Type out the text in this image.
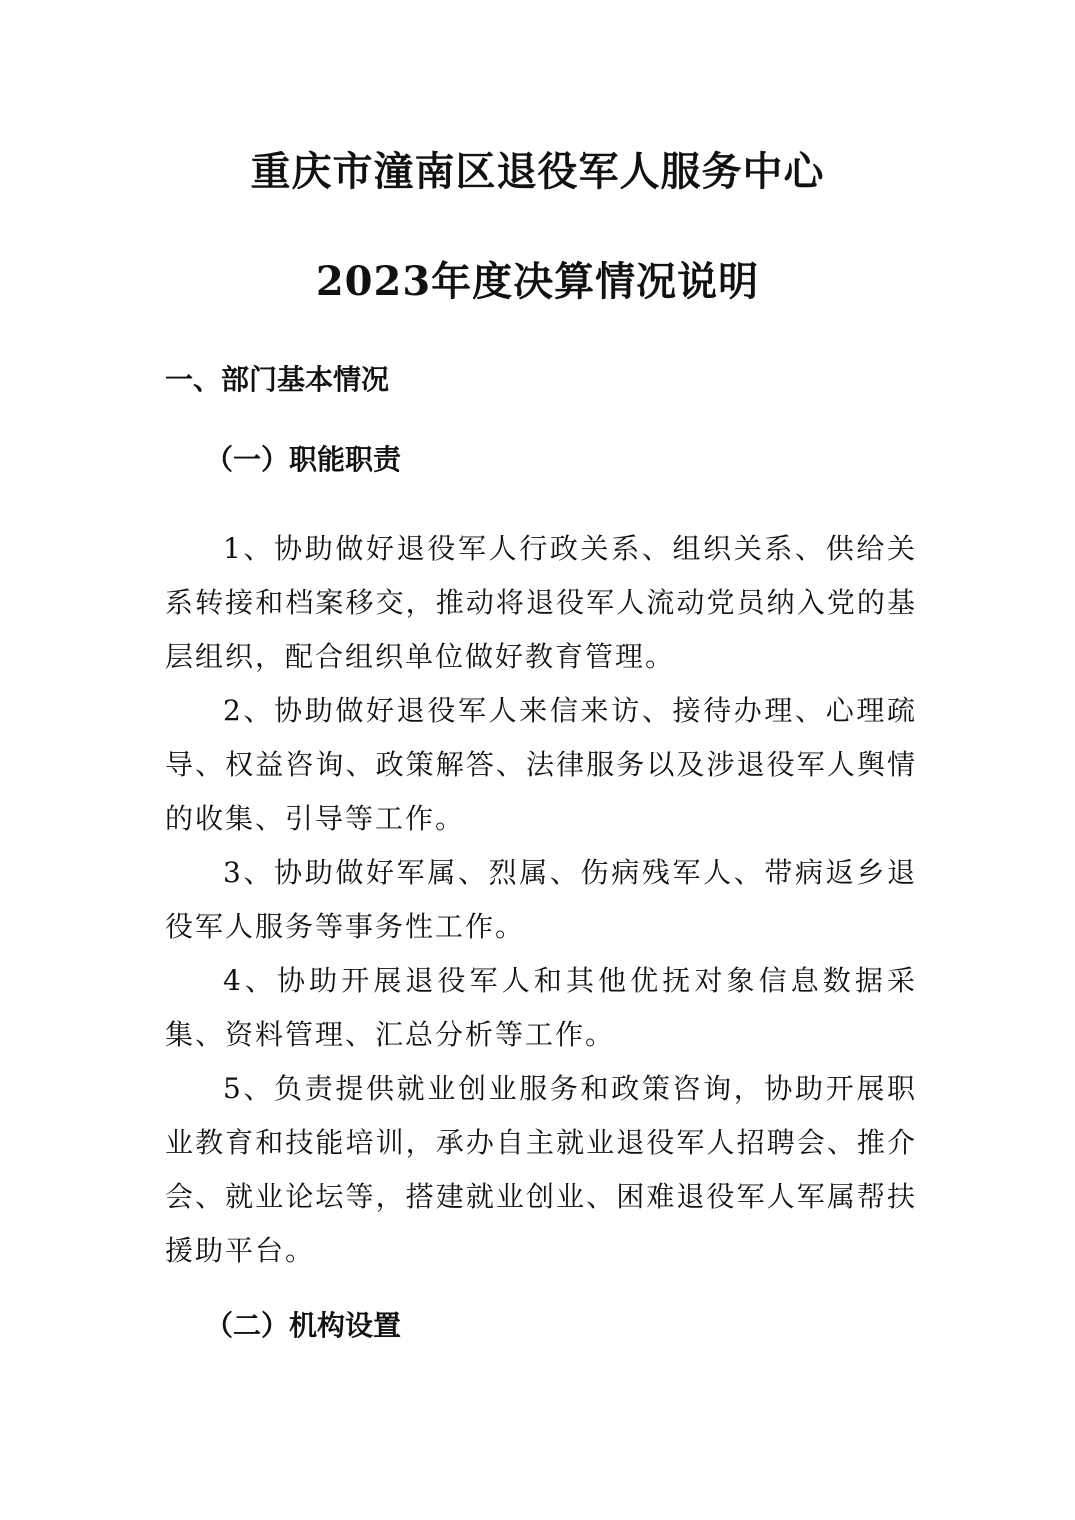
重庆市潼南区退役军人服务中心
2023年度决算情况说明
一、部门基本情况
（一）职能职责

1、协助做好退役军人行政关系、组织关系、供给关系转接和档案移交，推动将退役军人流动党员纳入党的基层组织，配合组织单位做好教育管理。

2、协助做好退役军人来信来访、接待办理、心理疏导、权益咨询、政策解答、法律服务以及涉退役军人舆情的收集、引导等工作。

3、协助做好军属、烈属、伤病残军人、带病返乡退役军人服务等事务性工作。

4、协助开展退役军人和其他优抚对象信息数据采集、资料管理、汇总分析等工作。

5、负责提供就业创业服务和政策咨询，协助开展职业教育和技能培训，承办自主就业退役军人招聘会、推介会、就业论坛等，搭建就业创业、困难退役军人军属帮扶援助平台。

（二）机构设置
